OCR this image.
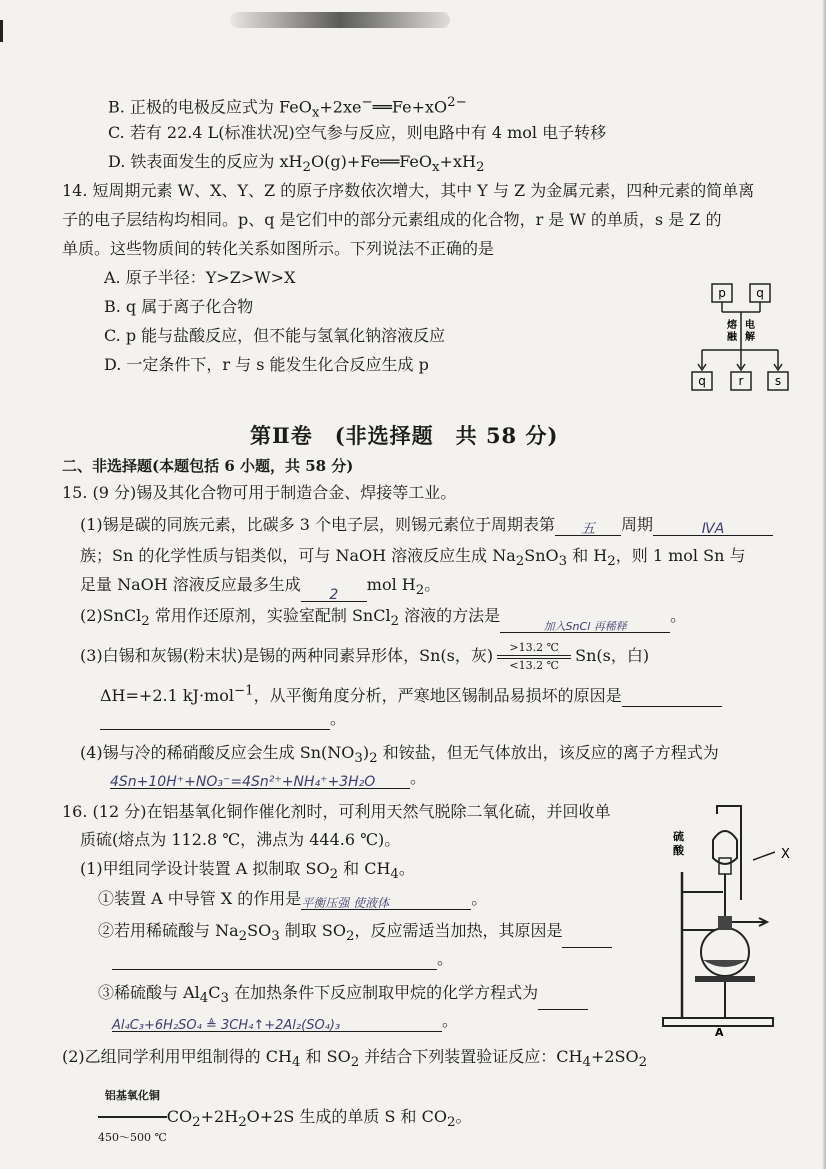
B. 正极的电极反应式为 $FeO_x+2xe^-══Fe+xO^{2-}$
C. 若有 22.4 L(标准状况)空气参与反应，则电路中有 4 mol 电子转移
D. 铁表面发生的反应为 $xH_2O(g)+Fe══FeO_x+xH_2$
14. 短周期元素 W、X、Y、Z 的原子序数依次增大，其中 Y 与 Z 为金属元素，四种元素的简单离
子的电子层结构均相同。p、q 是它们中的部分元素组成的化合物，r 是 W 的单质，s 是 Z 的
单质。这些物质间的转化关系如图所示。下列说法不正确的是
A. 原子半径：Y>Z>W>X
B. q 属于离子化合物
C. p 能与盐酸反应，但不能与氢氧化钠溶液反应
D. 一定条件下，r 与 s 能发生化合反应生成 p
p	q
熔
融
电
解
q	r	s
第Ⅱ卷　(非选择题　共 58 分)
二、非选择题(本题包括 6 小题，共 58 分)
15. (9 分)锡及其化合物可用于制造合金、焊接等工业。
(1)锡是碳的同族元素，比碳多 3 个电子层，则锡元素位于周期表第 五 周期	ⅣA
族；Sn 的化学性质与铝类似，可与 NaOH 溶液反应生成 $Na_2SnO_3$ 和 $H_2$，则 1 mol Sn 与
足量 NaOH 溶液反应最多生成2mol $H_2$。
(2)SnCl$_2$ 常用作还原剂，实验室配制 SnCl$_2$ 溶液的方法是加入SnCl 再稀释。
(3)白锡和灰锡(粉末状)是锡的两种同素异形体，Sn(s，灰) $\frac{>13.2 ℃}{<13.2 ℃} Sn(s$，白)
ΔH=+2.1 kJ·mol$^{-1}$，从平衡角度分析，严寒地区锡制品易损坏的原因是
。
(4)锡与冷的稀硝酸反应会生成 $Sn(NO_3)_2$ 和铵盐，但无气体放出，该反应的离子方程式为
4Sn+10H⁺+NO₃⁻=4Sn²⁺+NH₄⁺+3H₂O 。
16. (12 分)在铝基氧化铜作催化剂时，可利用天然气脱除二氧化硫，并回收单
质硫(熔点为 112.8 ℃，沸点为 444.6 ℃)。
(1)甲组同学设计装置 A 拟制取 $SO_2$ 和 $CH_4$。
①装置 A 中导管 X 的作用是平衡压强 使液体	。
②若用稀硫酸与 $Na_2SO_3$ 制取 $SO_2$，反应需适当加热，其原因是
。
③稀硫酸与 $Al_4C_3$ 在加热条件下反应制取甲烷的化学方程式为
Al₄C₃+6H₂SO₄ ≜ 3CH₄↑+2Al₂(SO₄)₃	。
(2)乙组同学利用甲组制得的 $CH_4$ 和 $SO_2$ 并结合下列装置验证反应：$CH_4+2SO_2$
铝基氧化铜
450～500 ℃
$CO_2+2H_2O+2S$ 生成的单质 S 和 $CO_2$。
X
硫
酸
A
